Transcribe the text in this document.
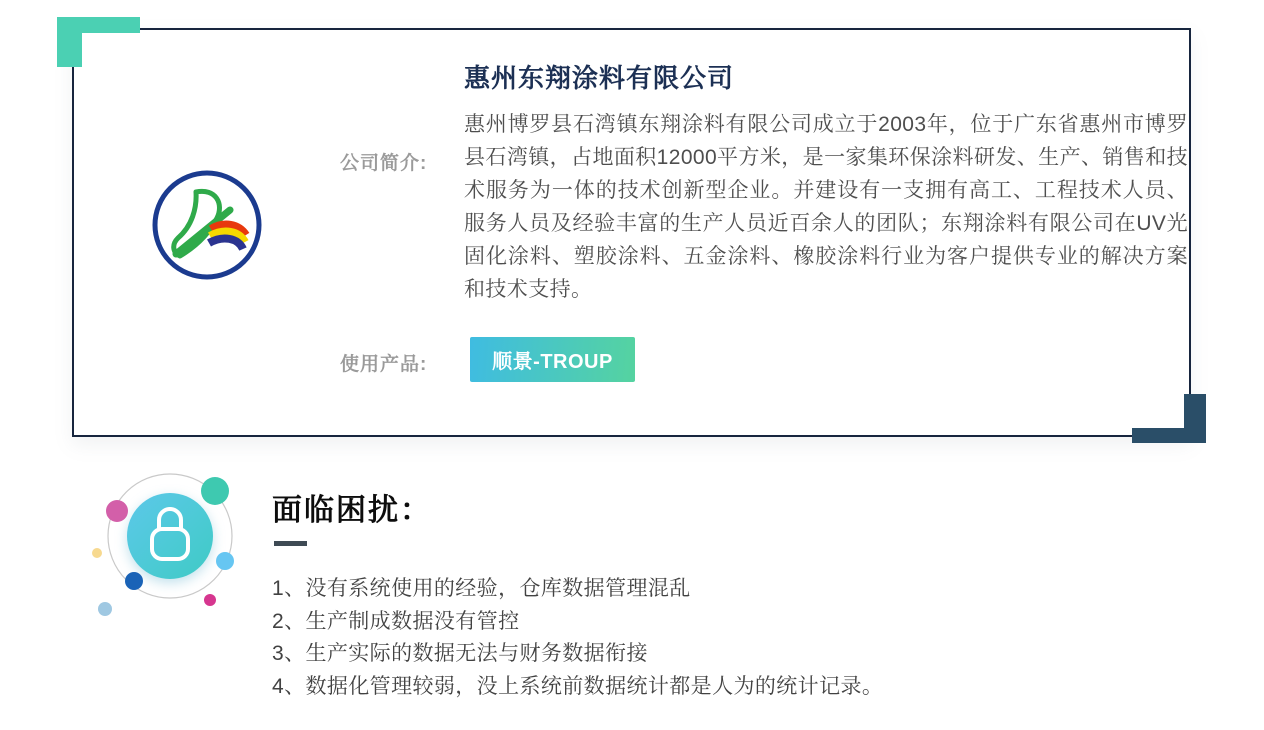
公司简介:
惠州东翔涂料有限公司

惠州博罗县石湾镇东翔涂料有限公司成立于2003年，位于广东省惠州市博罗县石湾镇，占地面积12000平方米，是一家集环保涂料研发、生产、销售和技术服务为一体的技术创新型企业。并建设有一支拥有高工、工程技术人员、服务人员及经验丰富的生产人员近百余人的团队；东翔涂料有限公司在UV光固化涂料、塑胶涂料、五金涂料、橡胶涂料行业为客户提供专业的解决方案和技术支持。

使用产品:	顺景-TROUP
面临困扰：
1、没有系统使用的经验，仓库数据管理混乱
2、生产制成数据没有管控
3、生产实际的数据无法与财务数据衔接
4、数据化管理较弱，没上系统前数据统计都是人为的统计记录。
